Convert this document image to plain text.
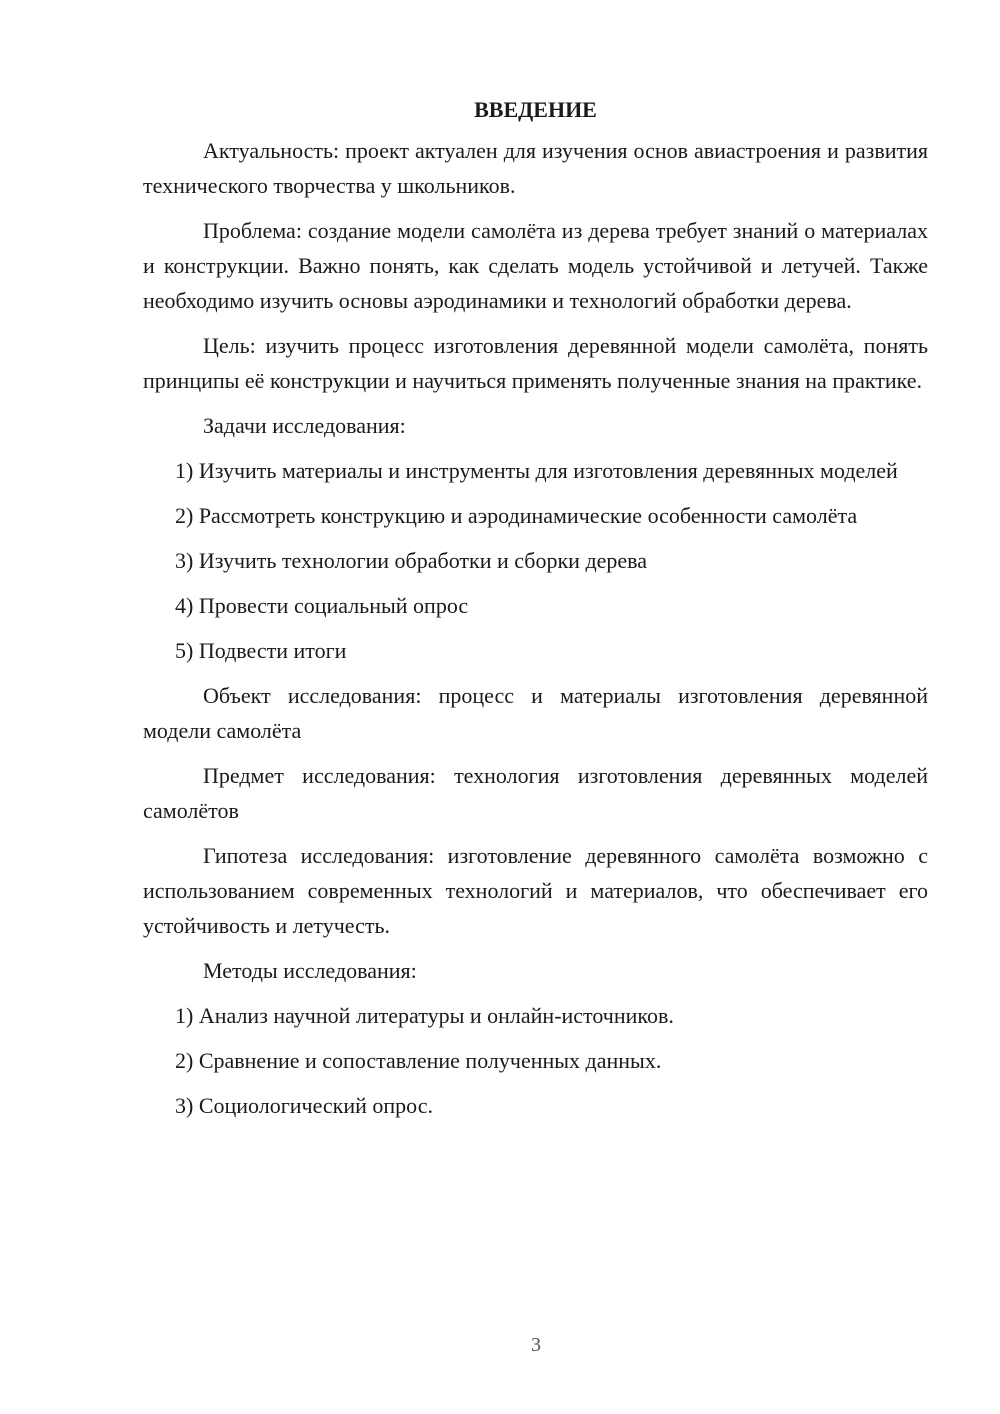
ВВЕДЕНИЕ

Актуальность: проект актуален для изучения основ авиастроения и развития технического творчества у школьников.

Проблема: создание модели самолёта из дерева требует знаний о материалах и конструкции. Важно понять, как сделать модель устойчивой и летучей. Также необходимо изучить основы аэродинамики и технологий обработки дерева.

Цель: изучить процесс изготовления деревянной модели самолёта, понять принципы её конструкции и научиться применять полученные знания на практике.

Задачи исследования:

1) Изучить материалы и инструменты для изготовления деревянных моделей

2) Рассмотреть конструкцию и аэродинамические особенности самолёта

3) Изучить технологии обработки и сборки дерева

4) Провести социальный опрос

5) Подвести итоги

Объект исследования: процесс и материалы изготовления деревянной модели самолёта

Предмет исследования: технология изготовления деревянных моделей самолётов

Гипотеза исследования: изготовление деревянного самолёта возможно с использованием современных технологий и материалов, что обеспечивает его устойчивость и летучесть.

Методы исследования:

1) Анализ научной литературы и онлайн-источников.

2) Сравнение и сопоставление полученных данных.

3) Социологический опрос.

3
